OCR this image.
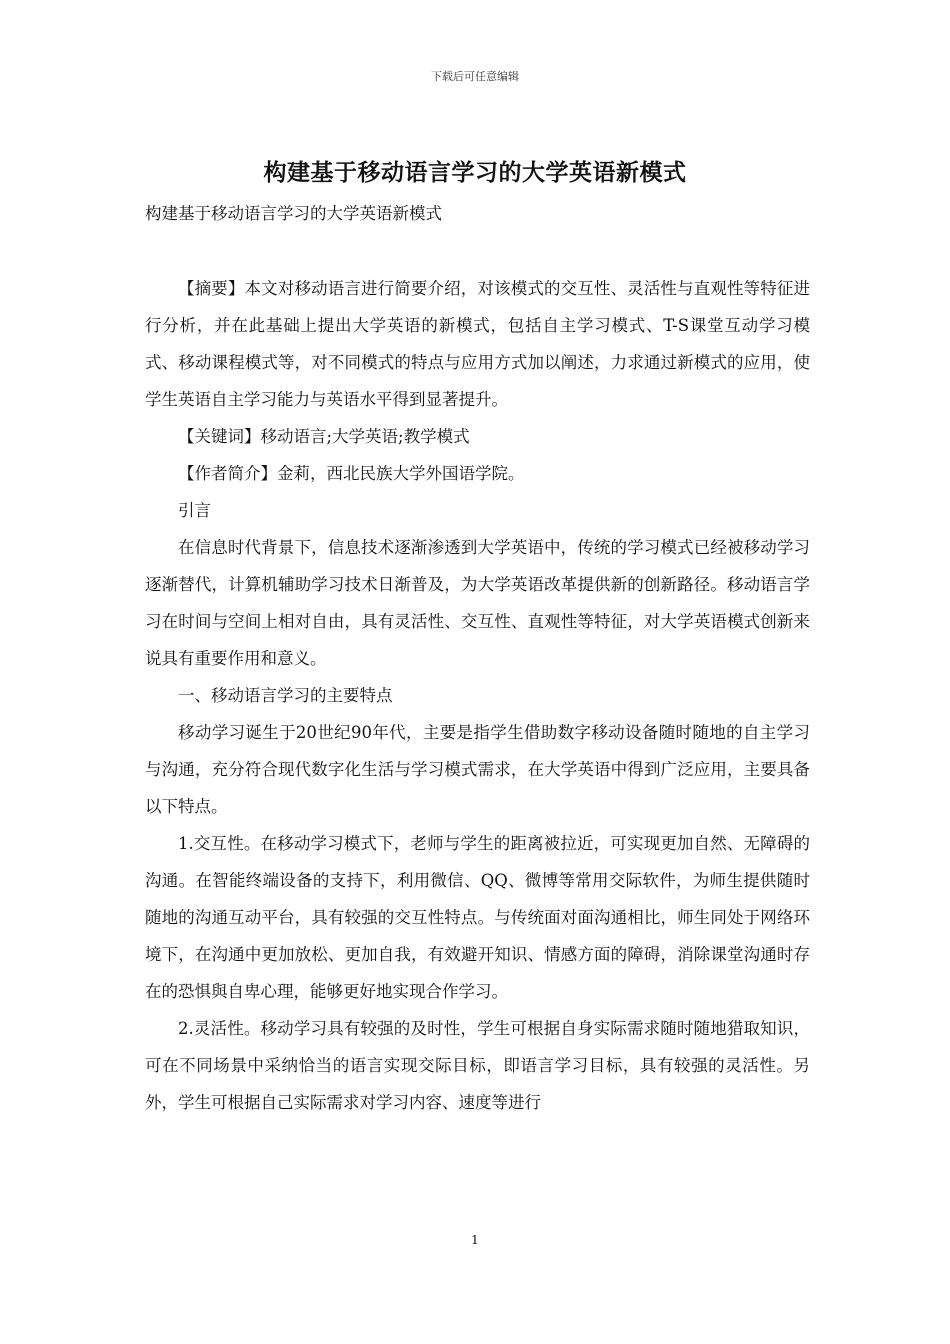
下载后可任意编辑
构建基于移动语言学习的大学英语新模式
构建基于移动语言学习的大学英语新模式

【摘要】本文对移动语言进行简要介绍，对该模式的交互性、灵活性与直观性等特征进行分析，并在此基础上提出大学英语的新模式，包括自主学习模式、T-S课堂互动学习模式、移动课程模式等，对不同模式的特点与应用方式加以阐述，力求通过新模式的应用，使学生英语自主学习能力与英语水平得到显著提升。

【关键词】移动语言;大学英语;教学模式

【作者简介】金莉，西北民族大学外国语学院。

引言

在信息时代背景下，信息技术逐渐渗透到大学英语中，传统的学习模式已经被移动学习逐渐替代，计算机辅助学习技术日渐普及，为大学英语改革提供新的创新路径。移动语言学习在时间与空间上相对自由，具有灵活性、交互性、直观性等特征，对大学英语模式创新来说具有重要作用和意义。

一、移动语言学习的主要特点

移动学习诞生于20世纪90年代，主要是指学生借助数字移动设备随时随地的自主学习与沟通，充分符合现代数字化生活与学习模式需求，在大学英语中得到广泛应用，主要具备以下特点。

1.交互性。在移动学习模式下，老师与学生的距离被拉近，可实现更加自然、无障碍的沟通。在智能终端设备的支持下，利用微信、QQ、微博等常用交际软件，为师生提供随时随地的沟通互动平台，具有较强的交互性特点。与传统面对面沟通相比，师生同处于网络环境下，在沟通中更加放松、更加自我，有效避开知识、情感方面的障碍，消除课堂沟通时存在的恐惧與自卑心理，能够更好地实现合作学习。

2.灵活性。移动学习具有较强的及时性，学生可根据自身实际需求随时随地猎取知识，可在不同场景中采纳恰当的语言实现交际目标，即语言学习目标，具有较强的灵活性。另外，学生可根据自己实际需求对学习内容、速度等进行

1
